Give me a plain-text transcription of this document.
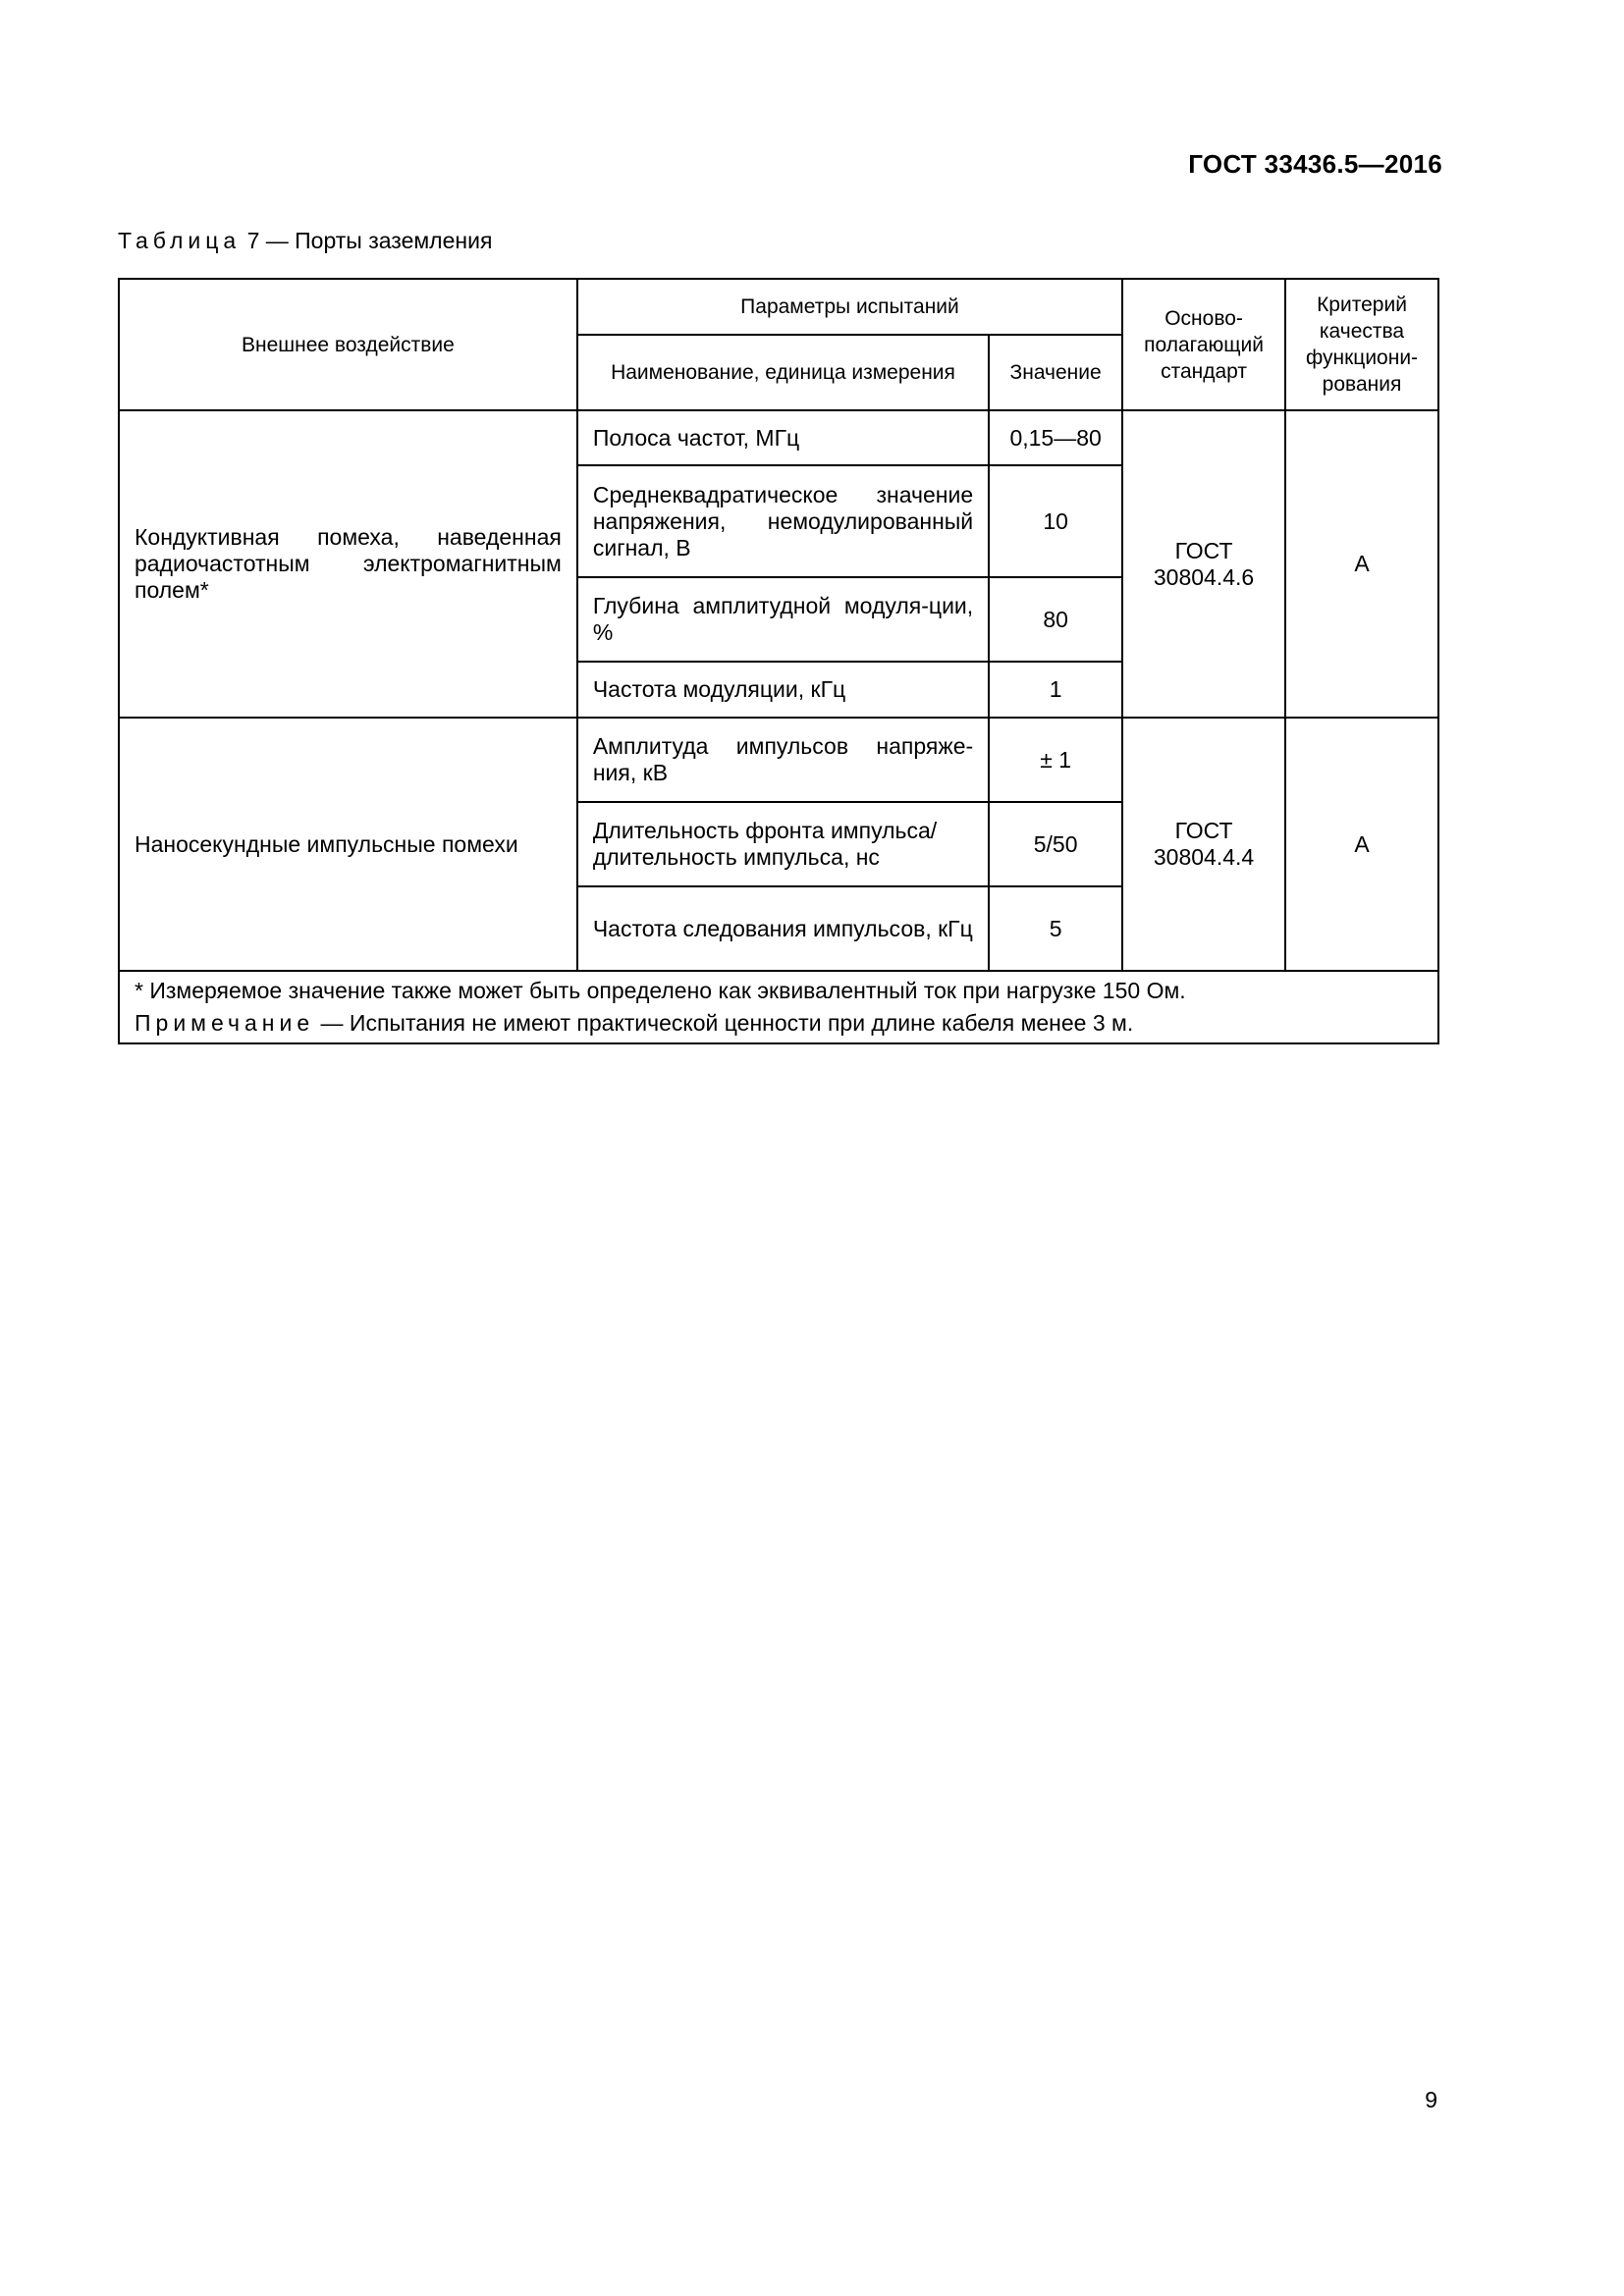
ГОСТ 33436.5—2016
Таблица 7 — Порты заземления
Внешнее воздействие	Параметры испытаний		Осново-полагающий стандарт	Критерий качества функциони-рования
	Наименование, единица измерения	Значение		
Кондуктивная помеха, наведенная радиочастотным электромагнитным полем*	Полоса частот, МГц	0,15—80	ГОСТ 30804.4.6	А
	Среднеквадратическое значение напряжения, немодулированный сигнал, В	10		
	Глубина амплитудной модуля-ции, %	80		
	Частота модуляции, кГц	1		
Наносекундные импульсные помехи	Амплитуда импульсов напряже-ния, кВ	± 1	ГОСТ 30804.4.4	А
	Длительность фронта импульса/ длительность импульса, нс	5/50		
	Частота следования импульсов, кГц	5		

* Измеряемое значение также может быть определено как эквивалентный ток при нагрузке 150 Ом.
Примечание — Испытания не имеют практической ценности при длине кабеля менее 3 м.				
9
